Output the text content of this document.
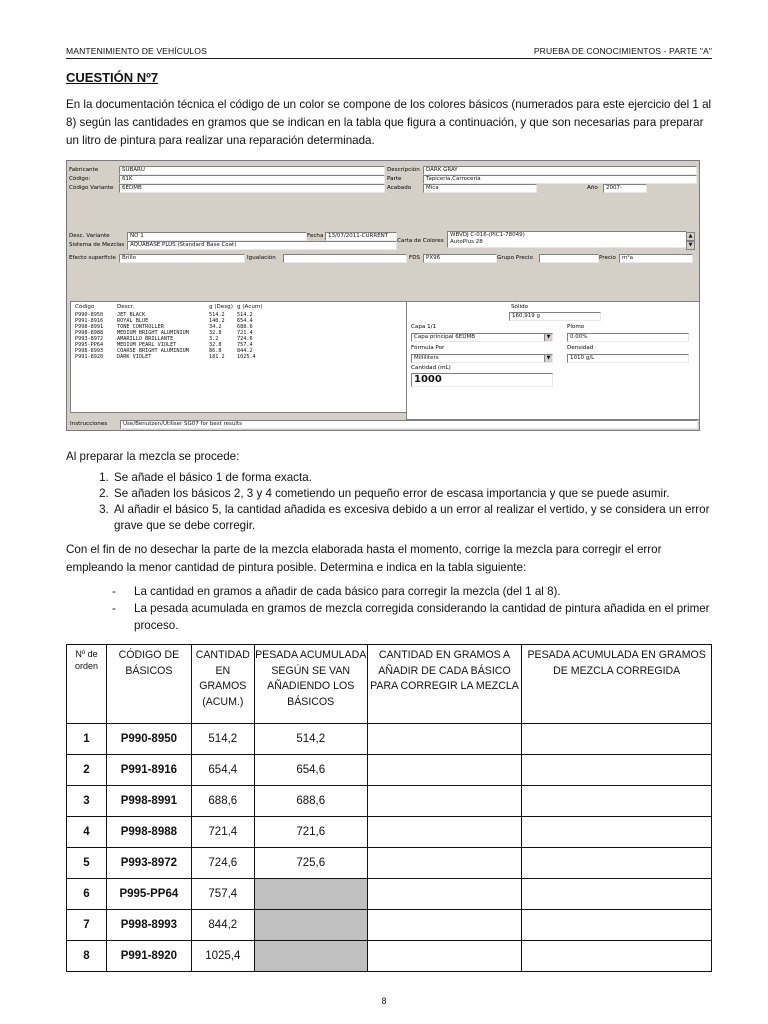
MANTENIMIENTO DE VEHÍCULOS	PRUEBA DE CONOCIMIENTOS - PARTE "A"
CUESTIÓN Nº7
En la documentación técnica el código de un color se compone de los colores básicos (numerados para este ejercicio del 1 al 8) según las cantidades en gramos que se indican en la tabla que figura a continuación, y que son necesarias para preparar un litro de pintura para realizar una reparación determinada.
Fabricante	SUBARU
Código:	61K
Código Variante	6EDMB
Descripción	DARK GRAY
Parte	Tapicería,Carrocería
Acabado	Mica	Año	2007-
Desc. Variante	NO 1	Fecha 13/07/2011-CURRENT
Sistema de Mezclas	AQUABASE PLUS (Standard Base Coat)
Carta de Colores
WBVDJ C-016-(PIC1-78049)
AutoPlus 28
▲
▼
Efecto superficie	Brillo	Igualación	FDS	PX96	Grupo Precio	Precio	m²a
Código	Descr.	g (Desg) g (Acum)
P990-8950	JET BLACK	514.2 514.2
P991-8916	ROYAL BLUE	140.2 654.4
P998-8991	TONE CONTROLLER	34.2	688.6
P998-8988	MEDIUM BRIGHT ALUMINIUM	32.8	721.4
P993-8972	AMARILLO BRILLANTE	3.2	724.6
P995-PP64	MEDIUM PEARL VIOLET	32.8	757.4
P998-8993	COARSE BRIGHT ALUMINIUM	86.8	844.2
P991-8920	DARK VIOLET	181.2 1025.4
Sólido
160,919 g
Capa 1/1
Capa principal 6EDMB	▼
Plomo
0.00%
Fórmula Por
Milliliters	▼
Densidad
1010 g/L
Cantidad (mL)
1000
Instrucciones	Use/Benutzen/Utiliser SG07 for best results
Al preparar la mezcla se procede:
1. Se añade el básico 1 de forma exacta.
2. Se añaden los básicos 2, 3 y 4 cometiendo un pequeño error de escasa importancia y que se puede asumir.
3. Al añadir el básico 5, la cantidad añadida es excesiva debido a un error al realizar el vertido, y se considera un error grave que se debe corregir.
Con el fin de no desechar la parte de la mezcla elaborada hasta el momento, corrige la mezcla para corregir el error empleando la menor cantidad de pintura posible. Determina e indica en la tabla siguiente:
- La cantidad en gramos a añadir de cada básico para corregir la mezcla (del 1 al 8).
- La pesada acumulada en gramos de mezcla corregida considerando la cantidad de pintura añadida en el primer proceso.
Nº de orden	CÓDIGO DE BÁSICOS	CANTIDAD EN GRAMOS (ACUM.)	PESADA ACUMULADA SEGÚN SE VAN AÑADIENDO LOS BÁSICOS	CANTIDAD EN GRAMOS A AÑADIR DE CADA BÁSICO PARA CORREGIR LA MEZCLA	PESADA ACUMULADA EN GRAMOS DE MEZCLA CORREGIDA
1	P990-8950	514,2	514,2		
2	P991-8916	654,4	654,6		
3	P998-8991	688,6	688,6		
4	P998-8988	721,4	721,6		
5	P993-8972	724,6	725,6		
6	P995-PP64	757,4			
7	P998-8993	844,2			
8	P991-8920	1025,4			
8
